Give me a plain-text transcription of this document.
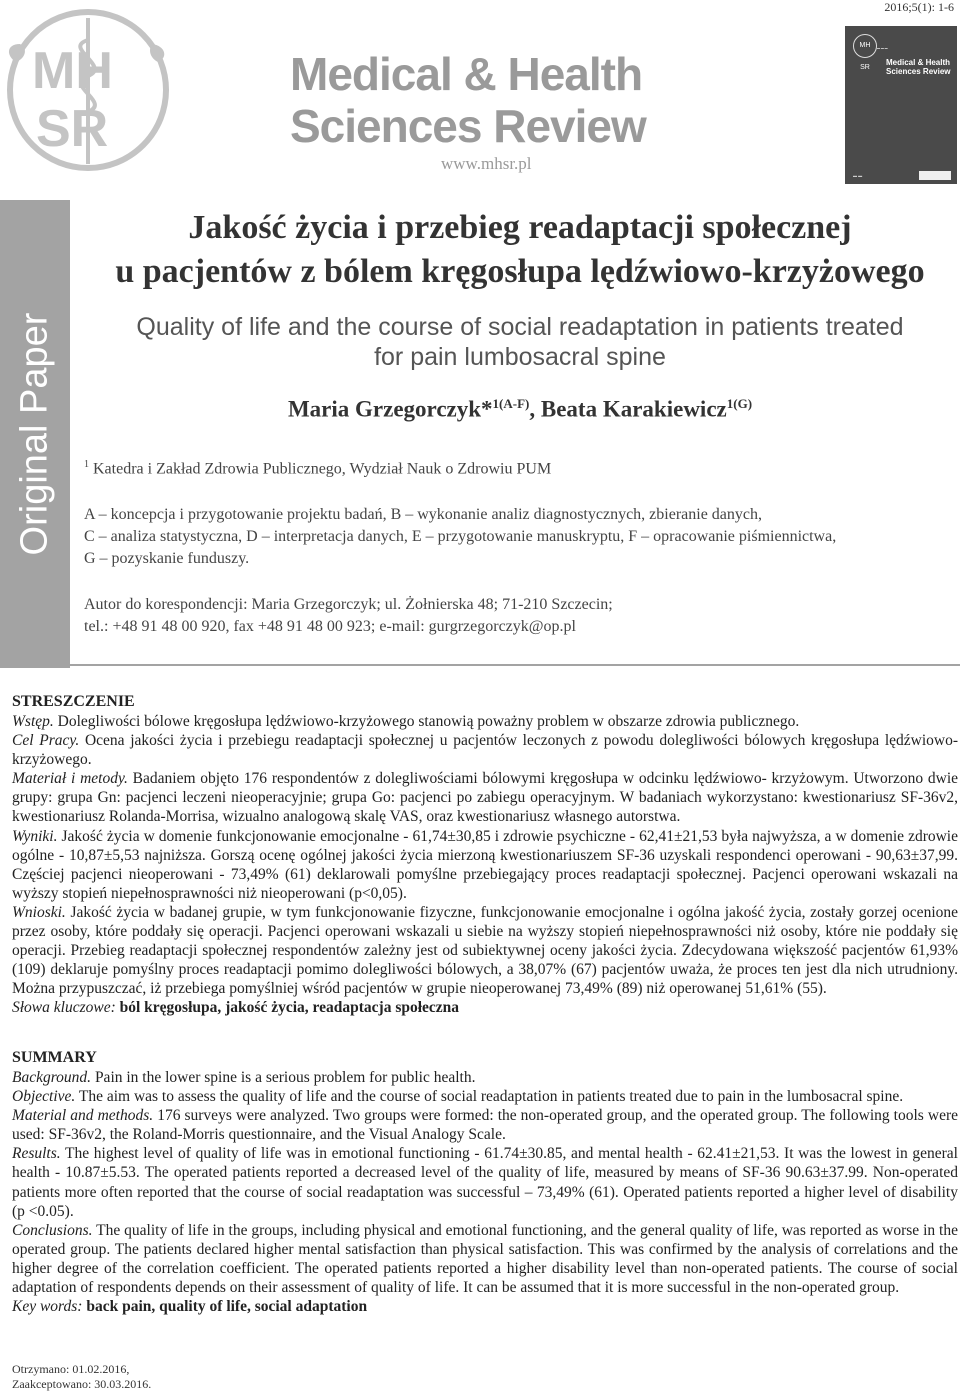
2016;5(1): 1-6
MH
SR
Medical & Health
Sciences Review
www.mhsr.pl
MH SR
▬ ▬ ▬
Medical & Health Sciences Review
▬ ▬
Original Paper
Jakość życia i przebieg readaptacji społecznej
u pacjentów z bólem kręgosłupa lędźwiowo-krzyżowego
Quality of life and the course of social readaptation in patients treated
for pain lumbosacral spine
Maria Grzegorczyk*$^{1(A-F)}$, Beata Karakiewicz$^{1(G)}$
$^1$ Katedra i Zakład Zdrowia Publicznego, Wydział Nauk o Zdrowiu PUM
A – koncepcja i przygotowanie projektu badań, B – wykonanie analiz diagnostycznych, zbieranie danych,
C – analiza statystyczna, D – interpretacja danych, E – przygotowanie manuskryptu, F – opracowanie piśmiennictwa,
G – pozyskanie funduszy.
Autor do korespondencji: Maria Grzegorczyk; ul. Żołnierska 48; 71-210 Szczecin;
tel.: +48 91 48 00 920, fax +48 91 48 00 923; e-mail: gurgrzegorczyk@op.pl
STRESZCZENIE
Wstęp. Dolegliwości bólowe kręgosłupa lędźwiowo-krzyżowego stanowią poważny problem w obszarze zdrowia publicznego.
Cel Pracy. Ocena jakości życia i przebiegu readaptacji społecznej u pacjentów leczonych z powodu dolegliwości bólowych kręgosłupa lędźwiowo-krzyżowego.
Materiał i metody. Badaniem objęto 176 respondentów z dolegliwościami bólowymi kręgosłupa w odcinku lędźwiowo- krzyżowym. Utworzono dwie grupy: grupa Gn: pacjenci leczeni nieoperacyjnie; grupa Go: pacjenci po zabiegu operacyjnym. W badaniach wykorzystano: kwestionariusz SF-36v2, kwestionariusz Rolanda-Morrisa, wizualno analogową skalę VAS, oraz kwestionariusz własnego autorstwa.
Wyniki. Jakość życia w domenie funkcjonowanie emocjonalne - 61,74±30,85 i zdrowie psychiczne - 62,41±21,53 była najwyższa, a w domenie zdrowie ogólne - 10,87±5,53 najniższa. Gorszą ocenę ogólnej jakości życia mierzoną kwestionariuszem SF-36 uzyskali respondenci operowani - 90,63±37,99. Częściej pacjenci nieoperowani - 73,49% (61) deklarowali pomyślne przebiegający proces readaptacji społecznej. Pacjenci operowani wskazali na wyższy stopień niepełnosprawności niż nieoperowani (p<0,05).
Wnioski. Jakość życia w badanej grupie, w tym funkcjonowanie fizyczne, funkcjonowanie emocjonalne i ogólna jakość życia, zostały gorzej ocenione przez osoby, które poddały się operacji. Pacjenci operowani wskazali u siebie na wyższy stopień niepełnosprawności niż osoby, które nie poddały się operacji. Przebieg readaptacji społecznej respondentów zależny jest od subiektywnej oceny jakości życia. Zdecydowana większość pacjentów 61,93% (109) deklaruje pomyślny proces readaptacji pomimo dolegliwości bólowych, a 38,07% (67) pacjentów uważa, że proces ten jest dla nich utrudniony. Można przypuszczać, iż przebiega pomyślniej wśród pacjentów w grupie nieoperowanej 73,49% (89) niż operowanej 51,61% (55).
Słowa kluczowe: ból kręgosłupa, jakość życia, readaptacja społeczna
SUMMARY
Background. Pain in the lower spine is a serious problem for public health.
Objective. The aim was to assess the quality of life and the course of social readaptation in patients treated due to pain in the lumbosacral spine.
Material and methods. 176 surveys were analyzed. Two groups were formed: the non-operated group, and the operated group. The following tools were used: SF-36v2, the Roland-Morris questionnaire, and the Visual Analogy Scale.
Results. The highest level of quality of life was in emotional functioning - 61.74±30.85, and mental health - 62.41±21,53. It was the lowest in general health - 10.87±5.53. The operated patients reported a decreased level of the quality of life, measured by means of SF-36 90.63±37.99. Non-operated patients more often reported that the course of social readaptation was successful – 73,49% (61). Operated patients reported a higher level of disability (p <0.05).
Conclusions. The quality of life in the groups, including physical and emotional functioning, and the general quality of life, was reported as worse in the operated group. The patients declared higher mental satisfaction than physical satisfaction. This was confirmed by the analysis of correlations and the higher degree of the correlation coefficient. The operated patients reported a higher disability level than non-operated patients. The course of social adaptation of respondents depends on their assessment of quality of life. It can be assumed that it is more successful in the non-operated group.
Key words: back pain, quality of life, social adaptation
Otrzymano: 01.02.2016,
Zaakceptowano: 30.03.2016.
